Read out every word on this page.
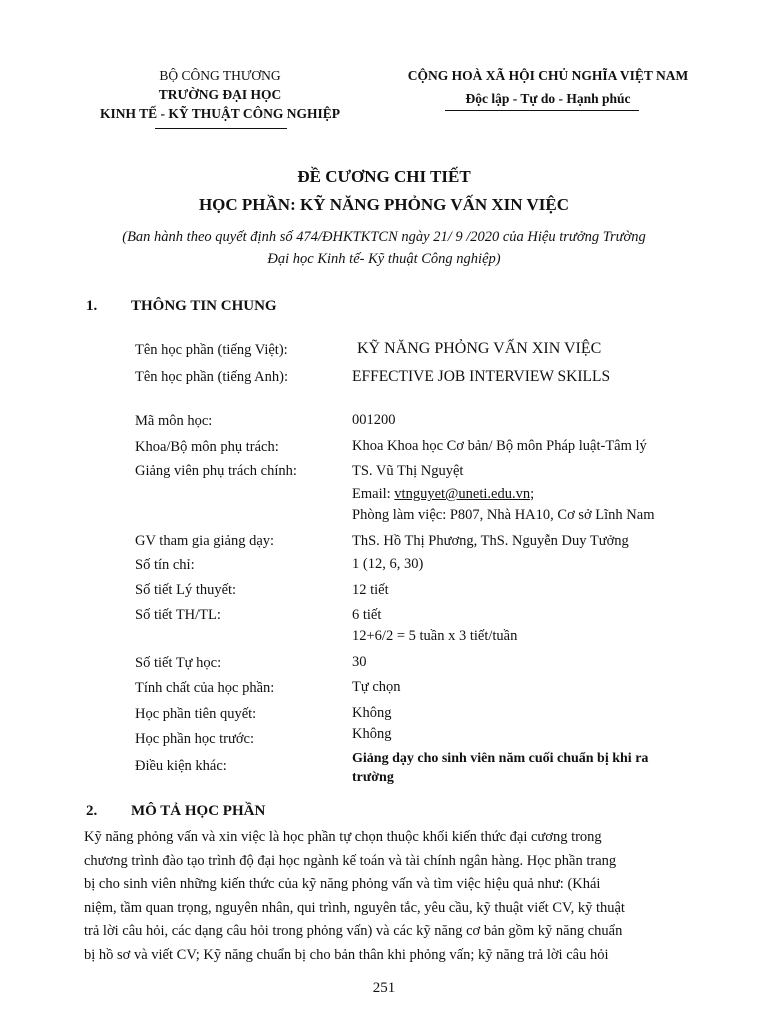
BỘ CÔNG THƯƠNG
TRƯỜNG ĐẠI HỌC
KINH TẾ - KỸ THUẬT CÔNG NGHIỆP
CỘNG HOÀ XÃ HỘI CHỦ NGHĨA VIỆT NAM
Độc lập - Tự do - Hạnh phúc
ĐỀ CƯƠNG CHI TIẾT
HỌC PHẦN: KỸ NĂNG PHỎNG VẤN XIN VIỆC
(Ban hành theo quyết định số 474/ĐHKTKTCN ngày 21/ 9 /2020 của Hiệu trưởng Trường
Đại học Kinh tế- Kỹ thuật Công nghiệp)
1. THÔNG TIN CHUNG
Tên học phần (tiếng Việt):	KỸ NĂNG PHỎNG VẤN XIN VIỆC
Tên học phần (tiếng Anh):	EFFECTIVE JOB INTERVIEW SKILLS
Mã môn học:	001200
Khoa/Bộ môn phụ trách:	Khoa Khoa học Cơ bản/ Bộ môn Pháp luật-Tâm lý
Giảng viên phụ trách chính:	TS. Vũ Thị Nguyệt
Email: vtnguyet@uneti.edu.vn;
Phòng làm việc: P807, Nhà HA10, Cơ sở Lĩnh Nam
GV tham gia giảng dạy:	ThS. Hồ Thị Phương, ThS. Nguyễn Duy Tưởng
Số tín chỉ:	1 (12, 6, 30)
Số tiết Lý thuyết:	12 tiết
Số tiết TH/TL:	6 tiết
12+6/2 = 5 tuần x 3 tiết/tuần
Số tiết Tự học:	30
Tính chất của học phần:	Tự chọn
Học phần tiên quyết:	Không
Học phần học trước:	Không
Điều kiện khác:	Giảng dạy cho sinh viên năm cuối chuẩn bị khi ra
trường
2. MÔ TẢ HỌC PHẦN
Kỹ năng phỏng vấn và xin việc là học phần tự chọn thuộc khối kiến thức đại cương trong
chương trình đào tạo trình độ đại học ngành kế toán và tài chính ngân hàng. Học phần trang
bị cho sinh viên những kiến thức của kỹ năng phỏng vấn và tìm việc hiệu quả như: (Khái
niệm, tầm quan trọng, nguyên nhân, qui trình, nguyên tắc, yêu cầu, kỹ thuật viết CV, kỹ thuật
trả lời câu hỏi, các dạng câu hỏi trong phỏng vấn) và các kỹ năng cơ bản gồm kỹ năng chuẩn
bị hồ sơ và viết CV; Kỹ năng chuẩn bị cho bản thân khi phỏng vấn; kỹ năng trả lời câu hỏi
251
